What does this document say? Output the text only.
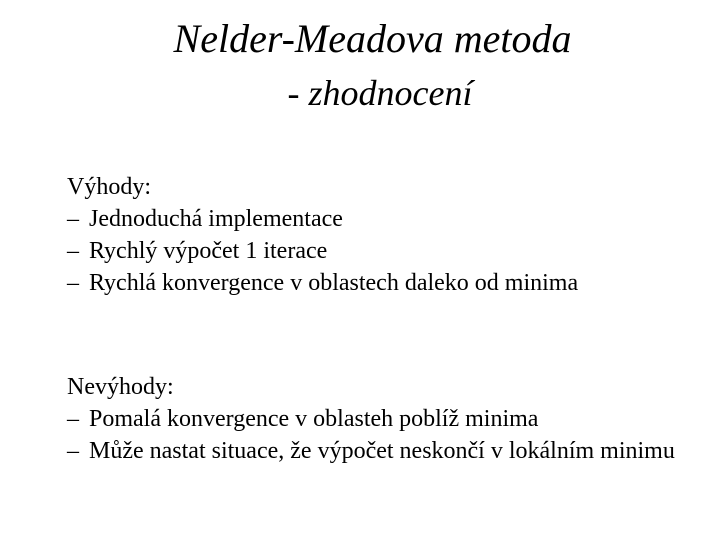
Nelder-Meadova metoda
- zhodnocení
Výhody:
– Jednoduchá implementace
– Rychlý výpočet 1 iterace
– Rychlá konvergence v oblastech daleko od minima
Nevýhody:
– Pomalá konvergence v oblasteh poblíž minima
– Může nastat situace, že výpočet neskončí v lokálním minimu
